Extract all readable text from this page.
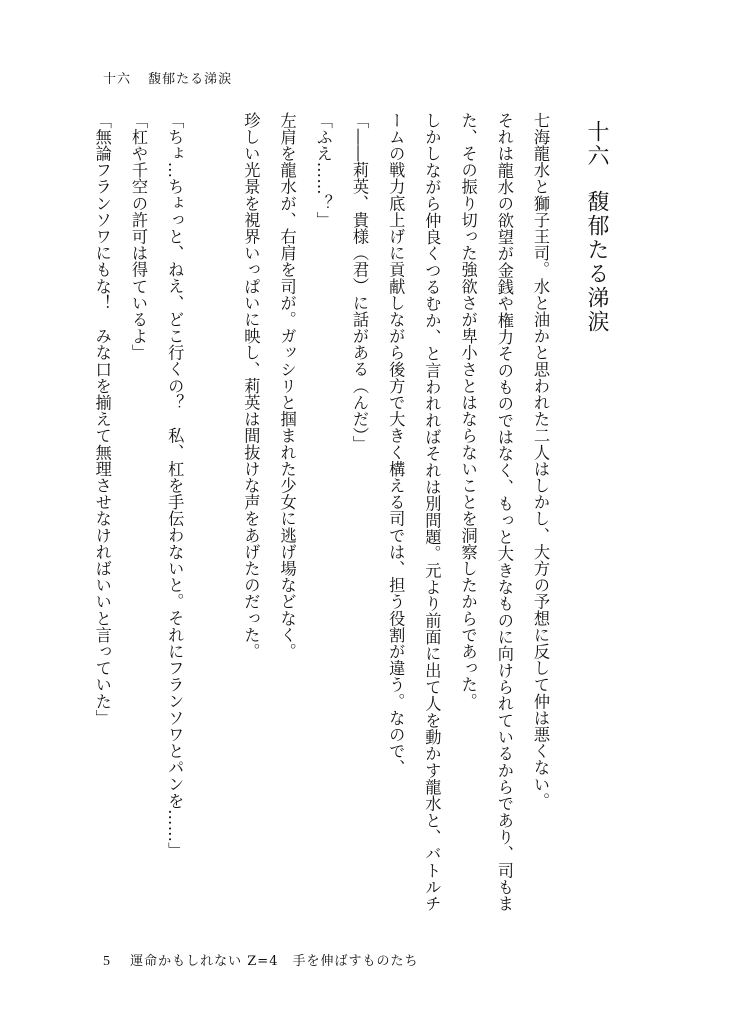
十六 馥郁たる涕涙
十六馥郁たる涕涙

七海龍水と獅子王司。水と油かと思われた二人はしかし、大方の予想に反して仲は悪くない。

それは龍水の欲望が金銭や権力そのものではなく、もっと大きなものに向けられているからであり、司もまた、その振り切った強欲さが卑小さとはならないことを洞察したからであった。

しかしながら仲良くつるむか、と言われればそれは別問題。元より前面に出て人を動かす龍水と、バトルチームの戦力底上げに貢献しながら後方で大きく構える司では、担う役割が違う。なので、

「――莉英、貴様（君）に話がある（んだ）」

「ふえ……？」

左肩を龍水が、右肩を司が。ガッシリと掴まれた少女に逃げ場などなく。

珍しい光景を視界いっぱいに映し、莉英は間抜けな声をあげたのだった。

「ちょ…ちょっと、ねえ、どこ行くの？　私、杠を手伝わないと。それにフランソワとパンを……」

「杠や千空の許可は得ているよ」

「無論フランソワにもな！　みな口を揃えて無理させなければいいと言っていた」

5 運命かもしれない Z=4　手を伸ばすものたち
